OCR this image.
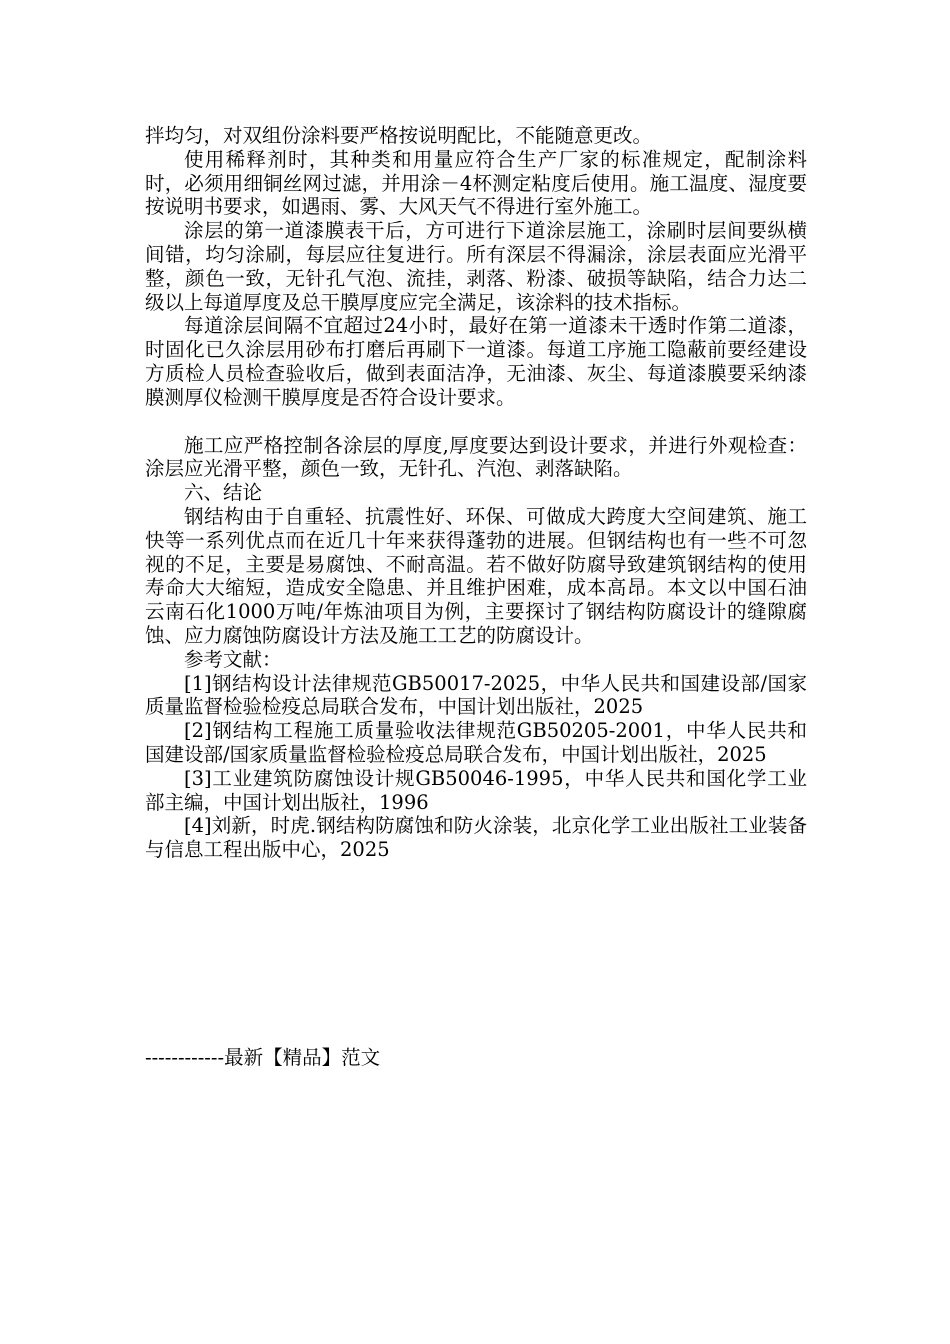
拌均匀，对双组份涂料要严格按说明配比，不能随意更改。

使用稀释剂时，其种类和用量应符合生产厂家的标准规定，配制涂料时，必须用细铜丝网过滤，并用涂－4杯测定粘度后使用。施工温度、湿度要按说明书要求，如遇雨、雾、大风天气不得进行室外施工。

涂层的第一道漆膜表干后，方可进行下道涂层施工，涂刷时层间要纵横间错，均匀涂刷，每层应往复进行。所有深层不得漏涂，涂层表面应光滑平整，颜色一致，无针孔气泡、流挂，剥落、粉漆、破损等缺陷，结合力达二级以上每道厚度及总干膜厚度应完全满足，该涂料的技术指标。

每道涂层间隔不宜超过24小时，最好在第一道漆未干透时作第二道漆，时固化已久涂层用砂布打磨后再刷下一道漆。每道工序施工隐蔽前要经建设方质检人员检查验收后，做到表面洁净，无油漆、灰尘、每道漆膜要采纳漆膜测厚仪检测干膜厚度是否符合设计要求。

施工应严格控制各涂层的厚度,厚度要达到设计要求，并进行外观检查：涂层应光滑平整，颜色一致，无针孔、汽泡、剥落缺陷。

六、结论

钢结构由于自重轻、抗震性好、环保、可做成大跨度大空间建筑、施工快等一系列优点而在近几十年来获得蓬勃的进展。但钢结构也有一些不可忽视的不足，主要是易腐蚀、不耐高温。若不做好防腐导致建筑钢结构的使用寿命大大缩短，造成安全隐患、并且维护困难，成本高昂。本文以中国石油云南石化1000万吨/年炼油项目为例，主要探讨了钢结构防腐设计的缝隙腐蚀、应力腐蚀防腐设计方法及施工工艺的防腐设计。

参考文献：

[1]钢结构设计法律规范GB50017-2025，中华人民共和国建设部/国家质量监督检验检疫总局联合发布，中国计划出版社，2025

[2]钢结构工程施工质量验收法律规范GB50205-2001，中华人民共和国建设部/国家质量监督检验检疫总局联合发布，中国计划出版社，2025

[3]工业建筑防腐蚀设计规GB50046-1995，中华人民共和国化学工业部主编，中国计划出版社，1996

[4]刘新，时虎.钢结构防腐蚀和防火涂装，北京化学工业出版社工业装备与信息工程出版中心，2025

------------最新【精品】范文
